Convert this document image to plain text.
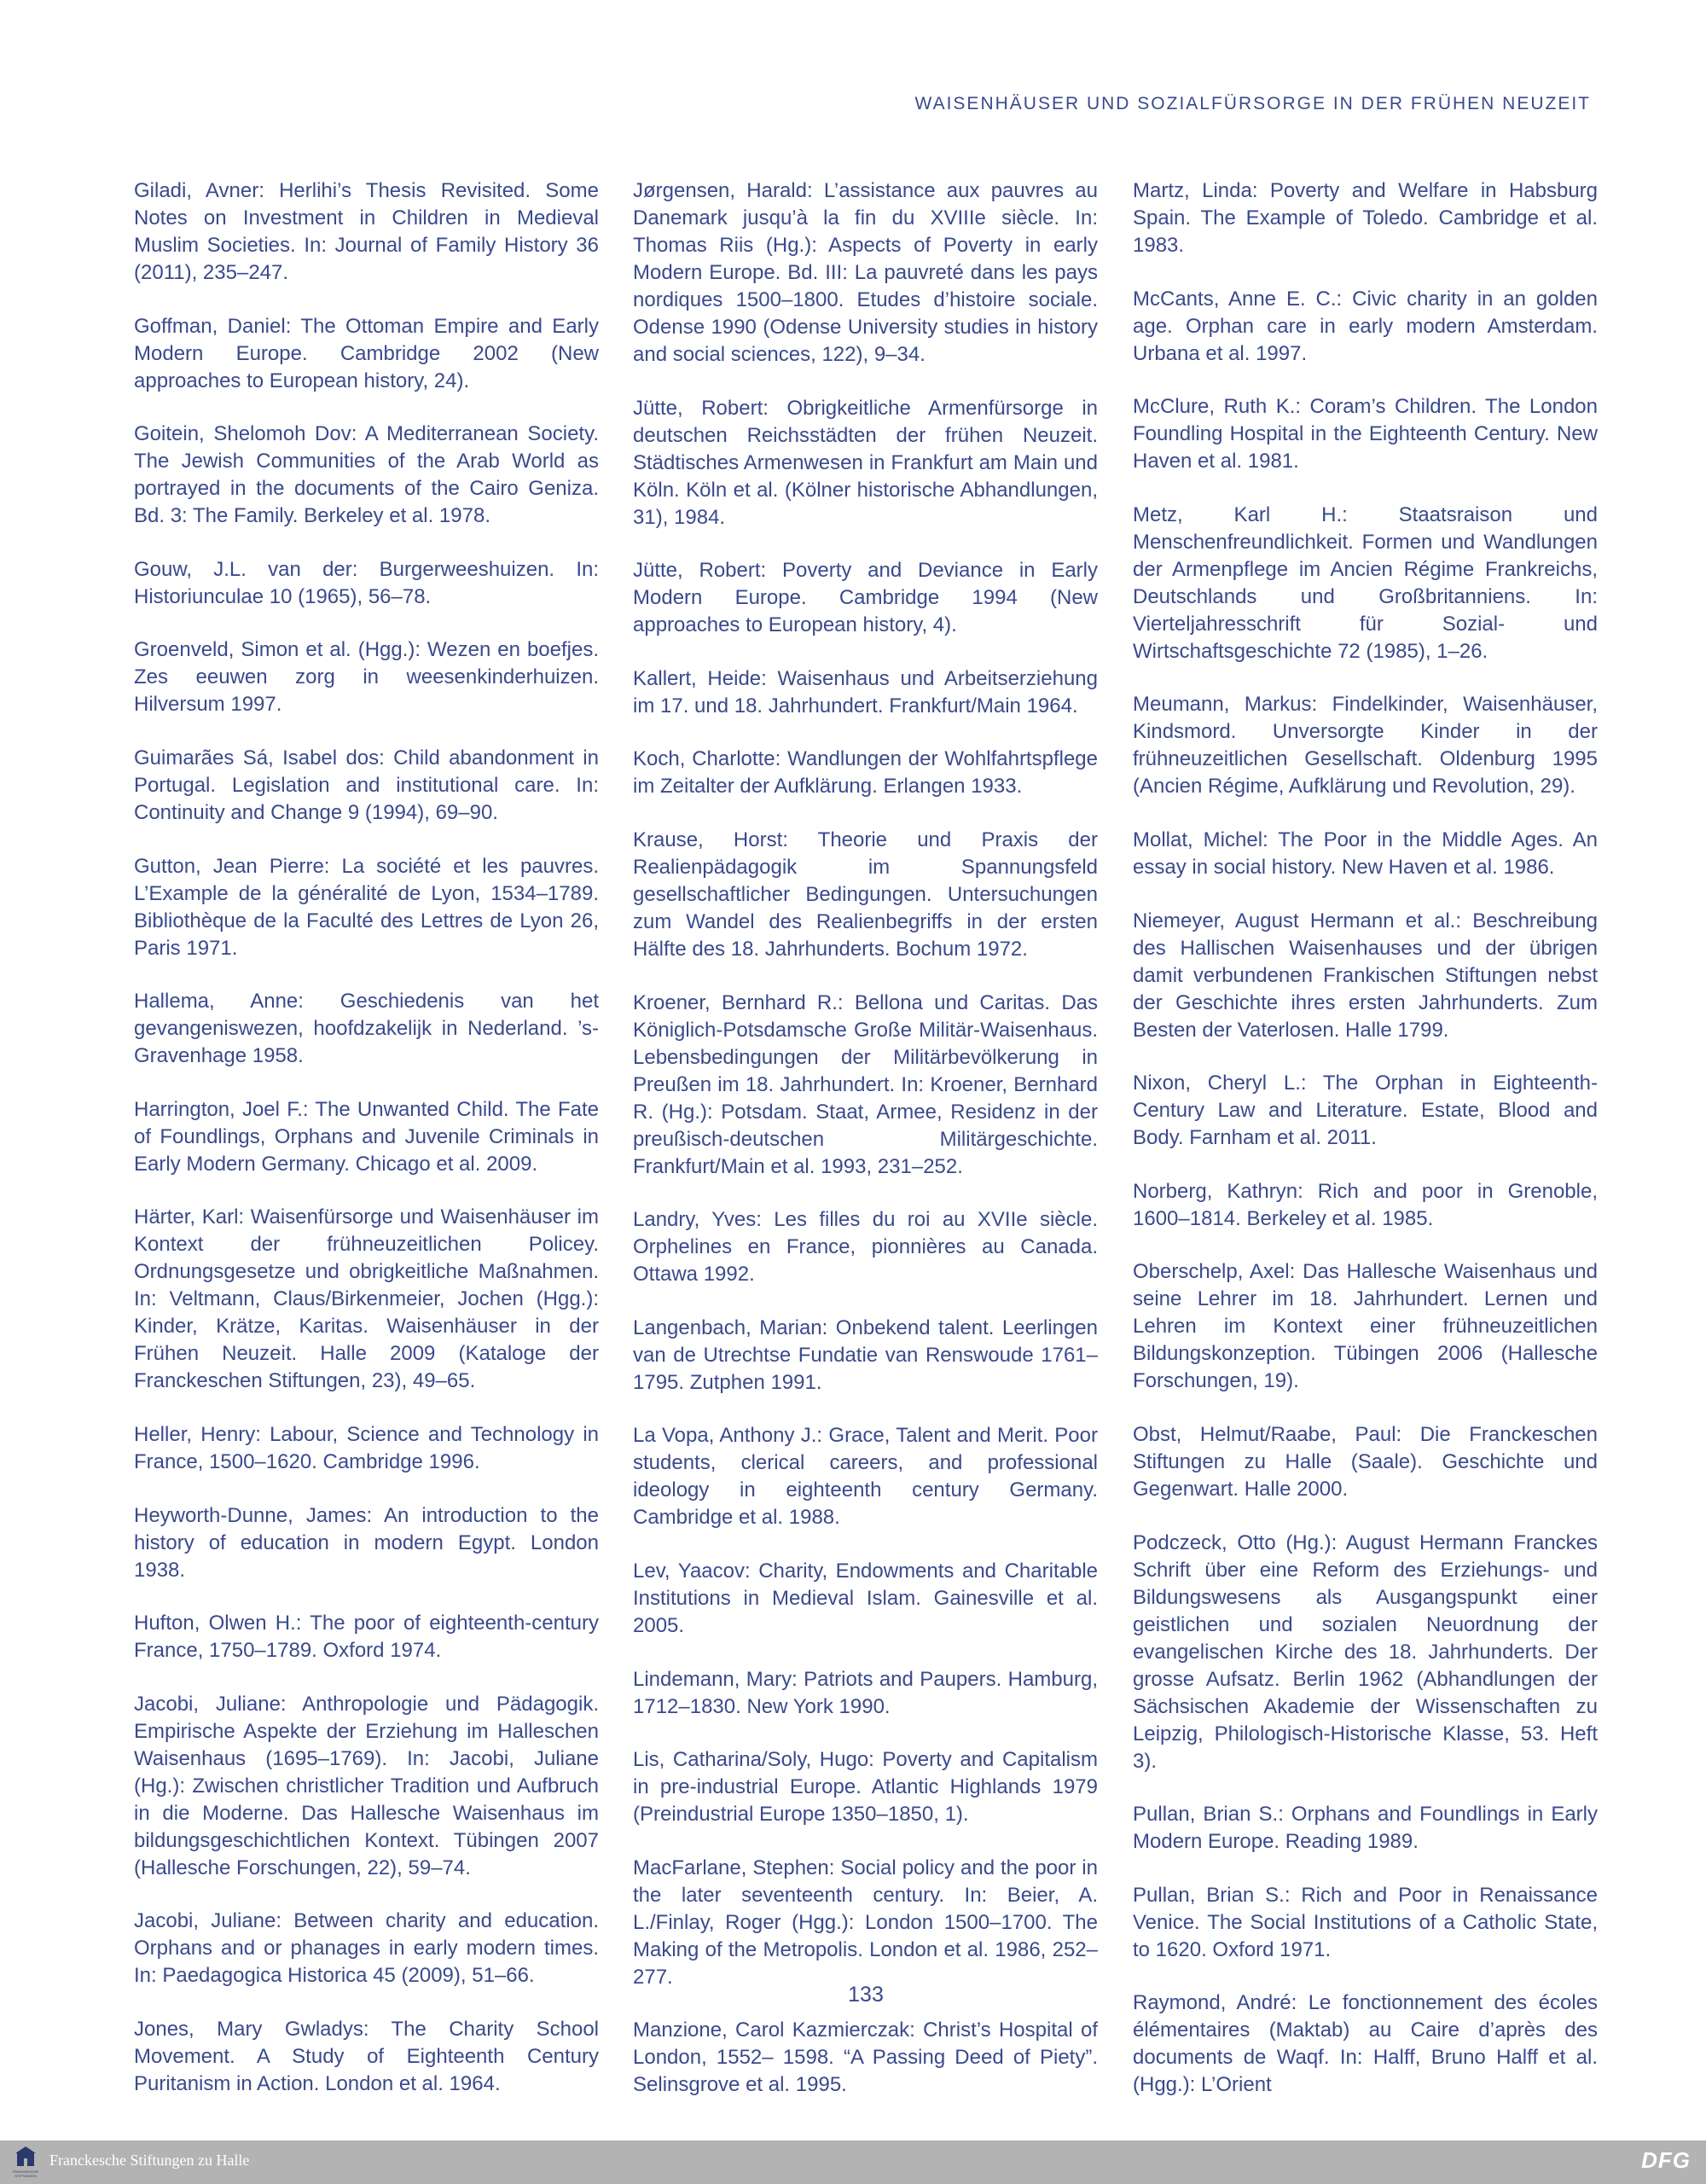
WAISENHÄUSER UND SOZIALFÜRSORGE IN DER FRÜHEN NEUZEIT

Giladi, Avner: Herlihi’s Thesis Revisited. Some Notes on Investment in Children in Medieval Muslim Societies. In: Journal of Family History 36 (2011), 235–247.

Goffman, Daniel: The Ottoman Empire and Early Modern Europe. Cambridge 2002 (New approaches to European history, 24).

Goitein, Shelomoh Dov: A Mediterranean Society. The Jewish Communities of the Arab World as portrayed in the documents of the Cairo Geniza. Bd. 3: The Family. Berkeley et al. 1978.

Gouw, J.L. van der: Burgerweeshuizen. In: Historiunculae 10 (1965), 56–78.

Groenveld, Simon et al. (Hgg.): Wezen en boefjes. Zes eeuwen zorg in weesenkinderhuizen. Hilversum 1997.

Guimarães Sá, Isabel dos: Child abandonment in Portugal. Legislation and institutional care. In: Continuity and Change 9 (1994), 69–90.

Gutton, Jean Pierre: La société et les pauvres. L’Example de la généralité de Lyon, 1534–1789. Bibliothèque de la Faculté des Lettres de Lyon 26, Paris 1971.

Hallema, Anne: Geschiedenis van het gevangeniswezen, hoofdzakelijk in Nederland. ’s-Gravenhage 1958.

Harrington, Joel F.: The Unwanted Child. The Fate of Foundlings, Orphans and Juvenile Criminals in Early Modern Germany. Chicago et al. 2009.

Härter, Karl: Waisenfürsorge und Waisenhäuser im Kontext der frühneuzeitlichen Policey. Ordnungsgesetze und obrigkeitliche Maßnahmen. In: Veltmann, Claus/Birkenmeier, Jochen (Hgg.): Kinder, Krätze, Karitas. Waisenhäuser in der Frühen Neuzeit. Halle 2009 (Kataloge der Franckeschen Stiftungen, 23), 49–65.

Heller, Henry: Labour, Science and Technology in France, 1500–1620. Cambridge 1996.

Heyworth-Dunne, James: An introduction to the history of education in modern Egypt. London 1938.

Hufton, Olwen H.: The poor of eighteenth-century France, 1750–1789. Oxford 1974.

Jacobi, Juliane: Anthropologie und Pädagogik. Empirische Aspekte der Erziehung im Halleschen Waisenhaus (1695–1769). In: Jacobi, Juliane (Hg.): Zwischen christlicher Tradition und Aufbruch in die Moderne. Das Hallesche Waisenhaus im bildungsgeschichtlichen Kontext. Tübingen 2007 (Hallesche Forschungen, 22), 59–74.

Jacobi, Juliane: Between charity and education. Orphans and or phanages in early modern times. In: Paedagogica Historica 45 (2009), 51–66.

Jones, Mary Gwladys: The Charity School Movement. A Study of Eighteenth Century Puritanism in Action. London et al. 1964.

Jørgensen, Harald: L’assistance aux pauvres au Danemark jusqu’à la fin du XVIIIe siècle. In: Thomas Riis (Hg.): Aspects of Poverty in early Modern Europe. Bd. III: La pauvreté dans les pays nordiques 1500–1800. Etudes d’histoire sociale. Odense 1990 (Odense University studies in history and social sciences, 122), 9–34.

Jütte, Robert: Obrigkeitliche Armenfürsorge in deutschen Reichsstädten der frühen Neuzeit. Städtisches Armenwesen in Frankfurt am Main und Köln. Köln et al. (Kölner historische Abhandlungen, 31), 1984.

Jütte, Robert: Poverty and Deviance in Early Modern Europe. Cambridge 1994 (New approaches to European history, 4).

Kallert, Heide: Waisenhaus und Arbeitserziehung im 17. und 18. Jahrhundert. Frankfurt/Main 1964.

Koch, Charlotte: Wandlungen der Wohlfahrtspflege im Zeitalter der Aufklärung. Erlangen 1933.

Krause, Horst: Theorie und Praxis der Realienpädagogik im Spannungsfeld gesellschaftlicher Bedingungen. Untersuchungen zum Wandel des Realienbegriffs in der ersten Hälfte des 18. Jahrhunderts. Bochum 1972.

Kroener, Bernhard R.: Bellona und Caritas. Das Königlich-Potsdamsche Große Militär-Waisenhaus. Lebensbedingungen der Militärbevölkerung in Preußen im 18. Jahrhundert. In: Kroener, Bernhard R. (Hg.): Potsdam. Staat, Armee, Residenz in der preußisch-deutschen Militärgeschichte. Frankfurt/Main et al. 1993, 231–252.

Landry, Yves: Les filles du roi au XVIIe siècle. Orphelines en France, pionnières au Canada. Ottawa 1992.

Langenbach, Marian: Onbekend talent. Leerlingen van de Utrechtse Fundatie van Renswoude 1761–1795. Zutphen 1991.

La Vopa, Anthony J.: Grace, Talent and Merit. Poor students, clerical careers, and professional ideology in eighteenth century Germany. Cambridge et al. 1988.

Lev, Yaacov: Charity, Endowments and Charitable Institutions in Medieval Islam. Gainesville et al. 2005.

Lindemann, Mary: Patriots and Paupers. Hamburg, 1712–1830. New York 1990.

Lis, Catharina/Soly, Hugo: Poverty and Capitalism in pre-industrial Europe. Atlantic Highlands 1979 (Preindustrial Europe 1350–1850, 1).

MacFarlane, Stephen: Social policy and the poor in the later seventeenth century. In: Beier, A. L./Finlay, Roger (Hgg.): London 1500–1700. The Making of the Metropolis. London et al. 1986, 252–277.

Manzione, Carol Kazmierczak: Christ’s Hospital of London, 1552– 1598. “A Passing Deed of Piety”. Selinsgrove et al. 1995.

Martz, Linda: Poverty and Welfare in Habsburg Spain. The Example of Toledo. Cambridge et al. 1983.

McCants, Anne E. C.: Civic charity in an golden age. Orphan care in early modern Amsterdam. Urbana et al. 1997.

McClure, Ruth K.: Coram’s Children. The London Foundling Hospital in the Eighteenth Century. New Haven et al. 1981.

Metz, Karl H.: Staatsraison und Menschenfreundlichkeit. Formen und Wandlungen der Armenpflege im Ancien Régime Frankreichs, Deutschlands und Großbritanniens. In: Vierteljahresschrift für Sozial- und Wirtschaftsgeschichte 72 (1985), 1–26.

Meumann, Markus: Findelkinder, Waisenhäuser, Kindsmord. Unversorgte Kinder in der frühneuzeitlichen Gesellschaft. Oldenburg 1995 (Ancien Régime, Aufklärung und Revolution, 29).

Mollat, Michel: The Poor in the Middle Ages. An essay in social history. New Haven et al. 1986.

Niemeyer, August Hermann et al.: Beschreibung des Hallischen Waisenhauses und der übrigen damit verbundenen Frankischen Stiftungen nebst der Geschichte ihres ersten Jahrhunderts. Zum Besten der Vaterlosen. Halle 1799.

Nixon, Cheryl L.: The Orphan in Eighteenth-Century Law and Literature. Estate, Blood and Body. Farnham et al. 2011.

Norberg, Kathryn: Rich and poor in Grenoble, 1600–1814. Berkeley et al. 1985.

Oberschelp, Axel: Das Hallesche Waisenhaus und seine Lehrer im 18. Jahrhundert. Lernen und Lehren im Kontext einer frühneuzeitlichen Bildungskonzeption. Tübingen 2006 (Hallesche Forschungen, 19).

Obst, Helmut/Raabe, Paul: Die Franckeschen Stiftungen zu Halle (Saale). Geschichte und Gegenwart. Halle 2000.

Podczeck, Otto (Hg.): August Hermann Franckes Schrift über eine Reform des Erziehungs- und Bildungswesens als Ausgangspunkt einer geistlichen und sozialen Neuordnung der evangelischen Kirche des 18. Jahrhunderts. Der grosse Aufsatz. Berlin 1962 (Abhandlungen der Sächsischen Akademie der Wissenschaften zu Leipzig, Philologisch-Historische Klasse, 53. Heft 3).

Pullan, Brian S.: Orphans and Foundlings in Early Modern Europe. Reading 1989.

Pullan, Brian S.: Rich and Poor in Renaissance Venice. The Social Institutions of a Catholic State, to 1620. Oxford 1971.

Raymond, André: Le fonctionnement des écoles élémentaires (Maktab) au Caire d’après des documents de Waqf. In: Halff, Bruno Halff et al. (Hgg.): L’Orient

133
FRANCKESCHE STIFTUNGEN
Franckesche Stiftungen zu Halle	DFG
